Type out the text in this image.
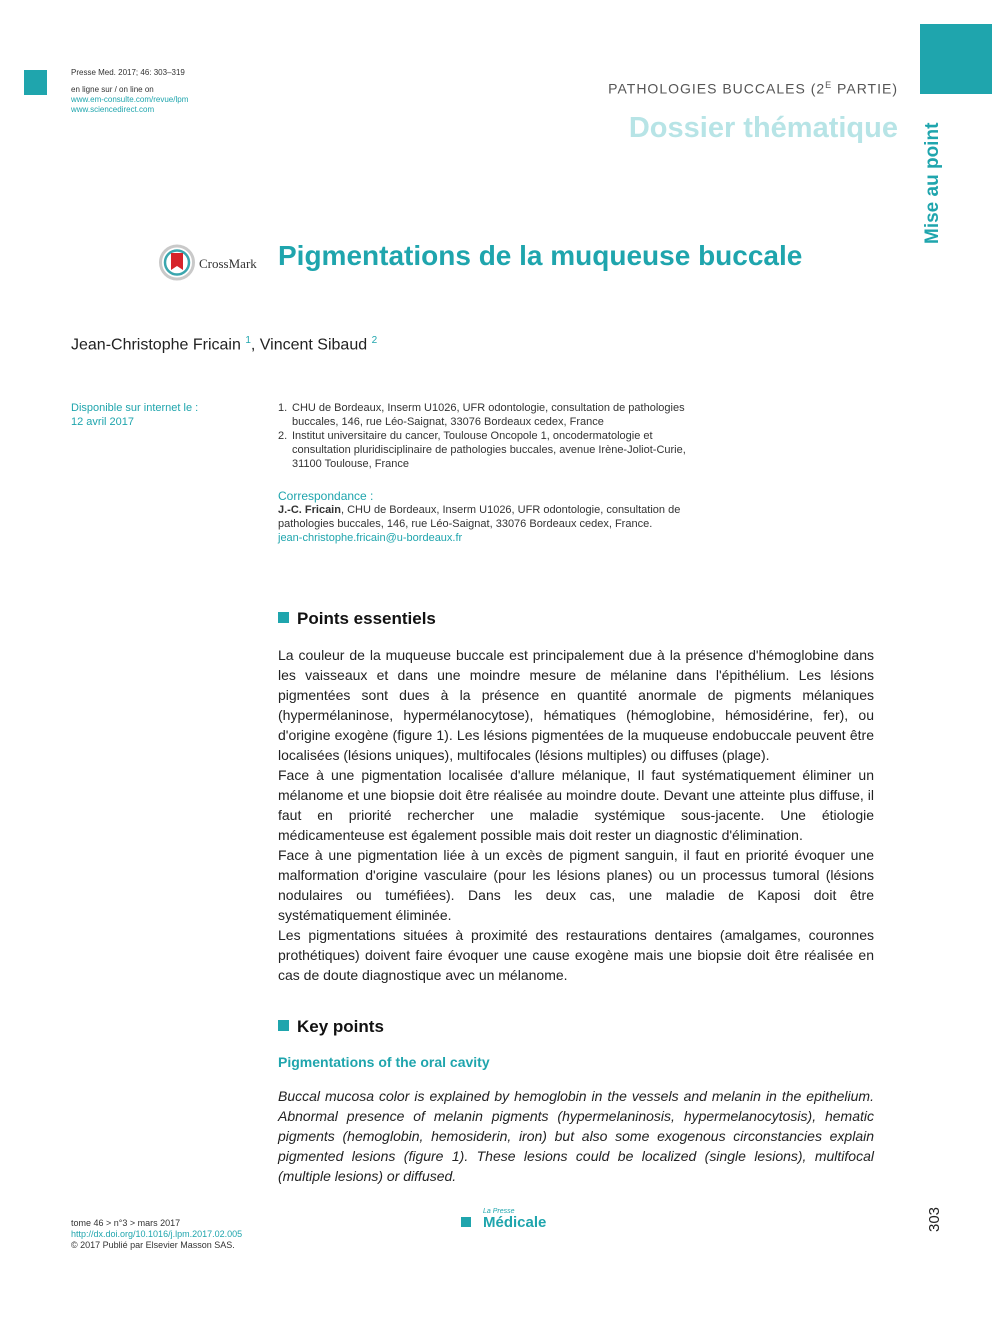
Presse Med. 2017; 46: 303–319
en ligne sur / on line on
www.em-consulte.com/revue/lpm
www.sciencedirect.com
PATHOLOGIES BUCCALES ($2^E$ PARTIE)
Dossier thématique Mise au point
CrossMark Pigmentations de la muqueuse buccale
Jean-Christophe Fricain $^1$, Vincent Sibaud $^2$
Disponible sur internet le :
12 avril 2017
1. CHU de Bordeaux, Inserm U1026, UFR odontologie, consultation de pathologies buccales, 146, rue Léo-Saignat, 33076 Bordeaux cedex, France
2. Institut universitaire du cancer, Toulouse Oncopole 1, oncodermatologie et consultation pluridisciplinaire de pathologies buccales, avenue Irène-Joliot-Curie, 31100 Toulouse, France
Correspondance :
J.-C. Fricain, CHU de Bordeaux, Inserm U1026, UFR odontologie, consultation de pathologies buccales, 146, rue Léo-Saignat, 33076 Bordeaux cedex, France.
jean-christophe.fricain@u-bordeaux.fr
Points essentiels

La couleur de la muqueuse buccale est principalement due à la présence d'hémoglobine dans les vaisseaux et dans une moindre mesure de mélanine dans l'épithélium. Les lésions pigmentées sont dues à la présence en quantité anormale de pigments mélaniques (hypermélaninose, hypermélanocytose), hématiques (hémoglobine, hémosidérine, fer), ou d'origine exogène (figure 1). Les lésions pigmentées de la muqueuse endobuccale peuvent être localisées (lésions uniques), multifocales (lésions multiples) ou diffuses (plage).

Face à une pigmentation localisée d'allure mélanique, Il faut systématiquement éliminer un mélanome et une biopsie doit être réalisée au moindre doute. Devant une atteinte plus diffuse, il faut en priorité rechercher une maladie systémique sous-jacente. Une étiologie médicamenteuse est également possible mais doit rester un diagnostic d'élimination.

Face à une pigmentation liée à un excès de pigment sanguin, il faut en priorité évoquer une malformation d'origine vasculaire (pour les lésions planes) ou un processus tumoral (lésions nodulaires ou tuméfiées). Dans les deux cas, une maladie de Kaposi doit être systématiquement éliminée.

Les pigmentations situées à proximité des restaurations dentaires (amalgames, couronnes prothétiques) doivent faire évoquer une cause exogène mais une biopsie doit être réalisée en cas de doute diagnostique avec un mélanome.

Key points
Pigmentations of the oral cavity
Buccal mucosa color is explained by hemoglobin in the vessels and melanin in the epithelium. Abnormal presence of melanin pigments (hypermelaninosis, hypermelanocytosis), hematic pigments (hemoglobin, hemosiderin, iron) but also some exogenous circonstancies explain pigmented lesions (figure 1). These lesions could be localized (single lesions), multifocal (multiple lesions) or diffused.
tome 46 > n°3 > mars 2017
http://dx.doi.org/10.1016/j.lpm.2017.02.005
© 2017 Publié par Elsevier Masson SAS.
La Presse
Médicale	303
